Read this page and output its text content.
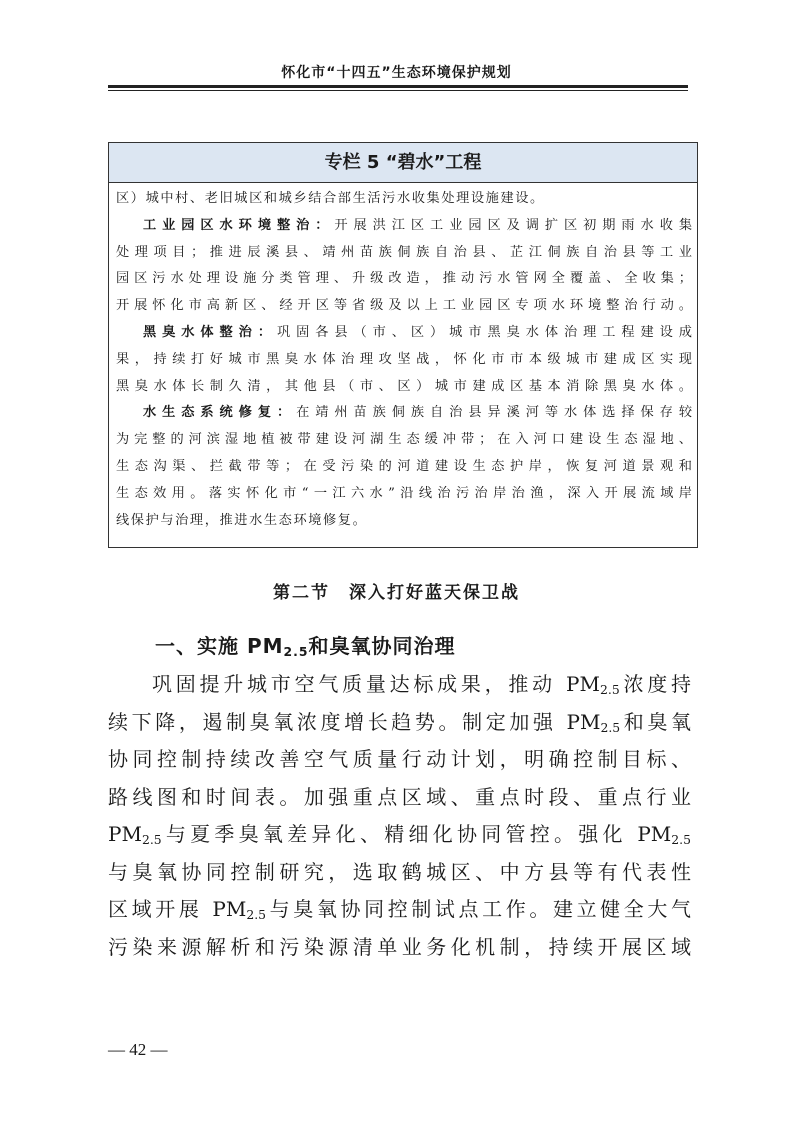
怀化市“十四五”生态环境保护规划
专栏 5 “碧水”工程
区）城中村、老旧城区和城乡结合部生活污水收集处理设施建设。
工业园区水环境整治：开展洪江区工业园区及调扩区初期雨水收集
处理项目；推进辰溪县、靖州苗族侗族自治县、芷江侗族自治县等工业
园区污水处理设施分类管理、升级改造，推动污水管网全覆盖、全收集；
开展怀化市高新区、经开区等省级及以上工业园区专项水环境整治行动。
黑臭水体整治：巩固各县（市、区）城市黑臭水体治理工程建设成
果，持续打好城市黑臭水体治理攻坚战，怀化市市本级城市建成区实现
黑臭水体长制久清，其他县（市、区）城市建成区基本消除黑臭水体。
水生态系统修复：在靖州苗族侗族自治县异溪河等水体选择保存较
为完整的河滨湿地植被带建设河湖生态缓冲带；在入河口建设生态湿地、
生态沟渠、拦截带等；在受污染的河道建设生态护岸，恢复河道景观和
生态效用。落实怀化市“一江六水”沿线治污治岸治渔，深入开展流域岸
线保护与治理，推进水生态环境修复。
第二节　深入打好蓝天保卫战
一、实施 $PM_{2.5}$和臭氧协同治理
巩固提升城市空气质量达标成果，推动 $PM_{2.5}$浓度持
续下降，遏制臭氧浓度增长趋势。制定加强 $PM_{2.5}$和臭氧
协同控制持续改善空气质量行动计划，明确控制目标、
路线图和时间表。加强重点区域、重点时段、重点行业
$PM_{2.5}$与夏季臭氧差异化、精细化协同管控。强化 $PM_{2.5}$
与臭氧协同控制研究，选取鹤城区、中方县等有代表性
区域开展 $PM_{2.5}$与臭氧协同控制试点工作。建立健全大气
污染来源解析和污染源清单业务化机制，持续开展区域
— 42 —
